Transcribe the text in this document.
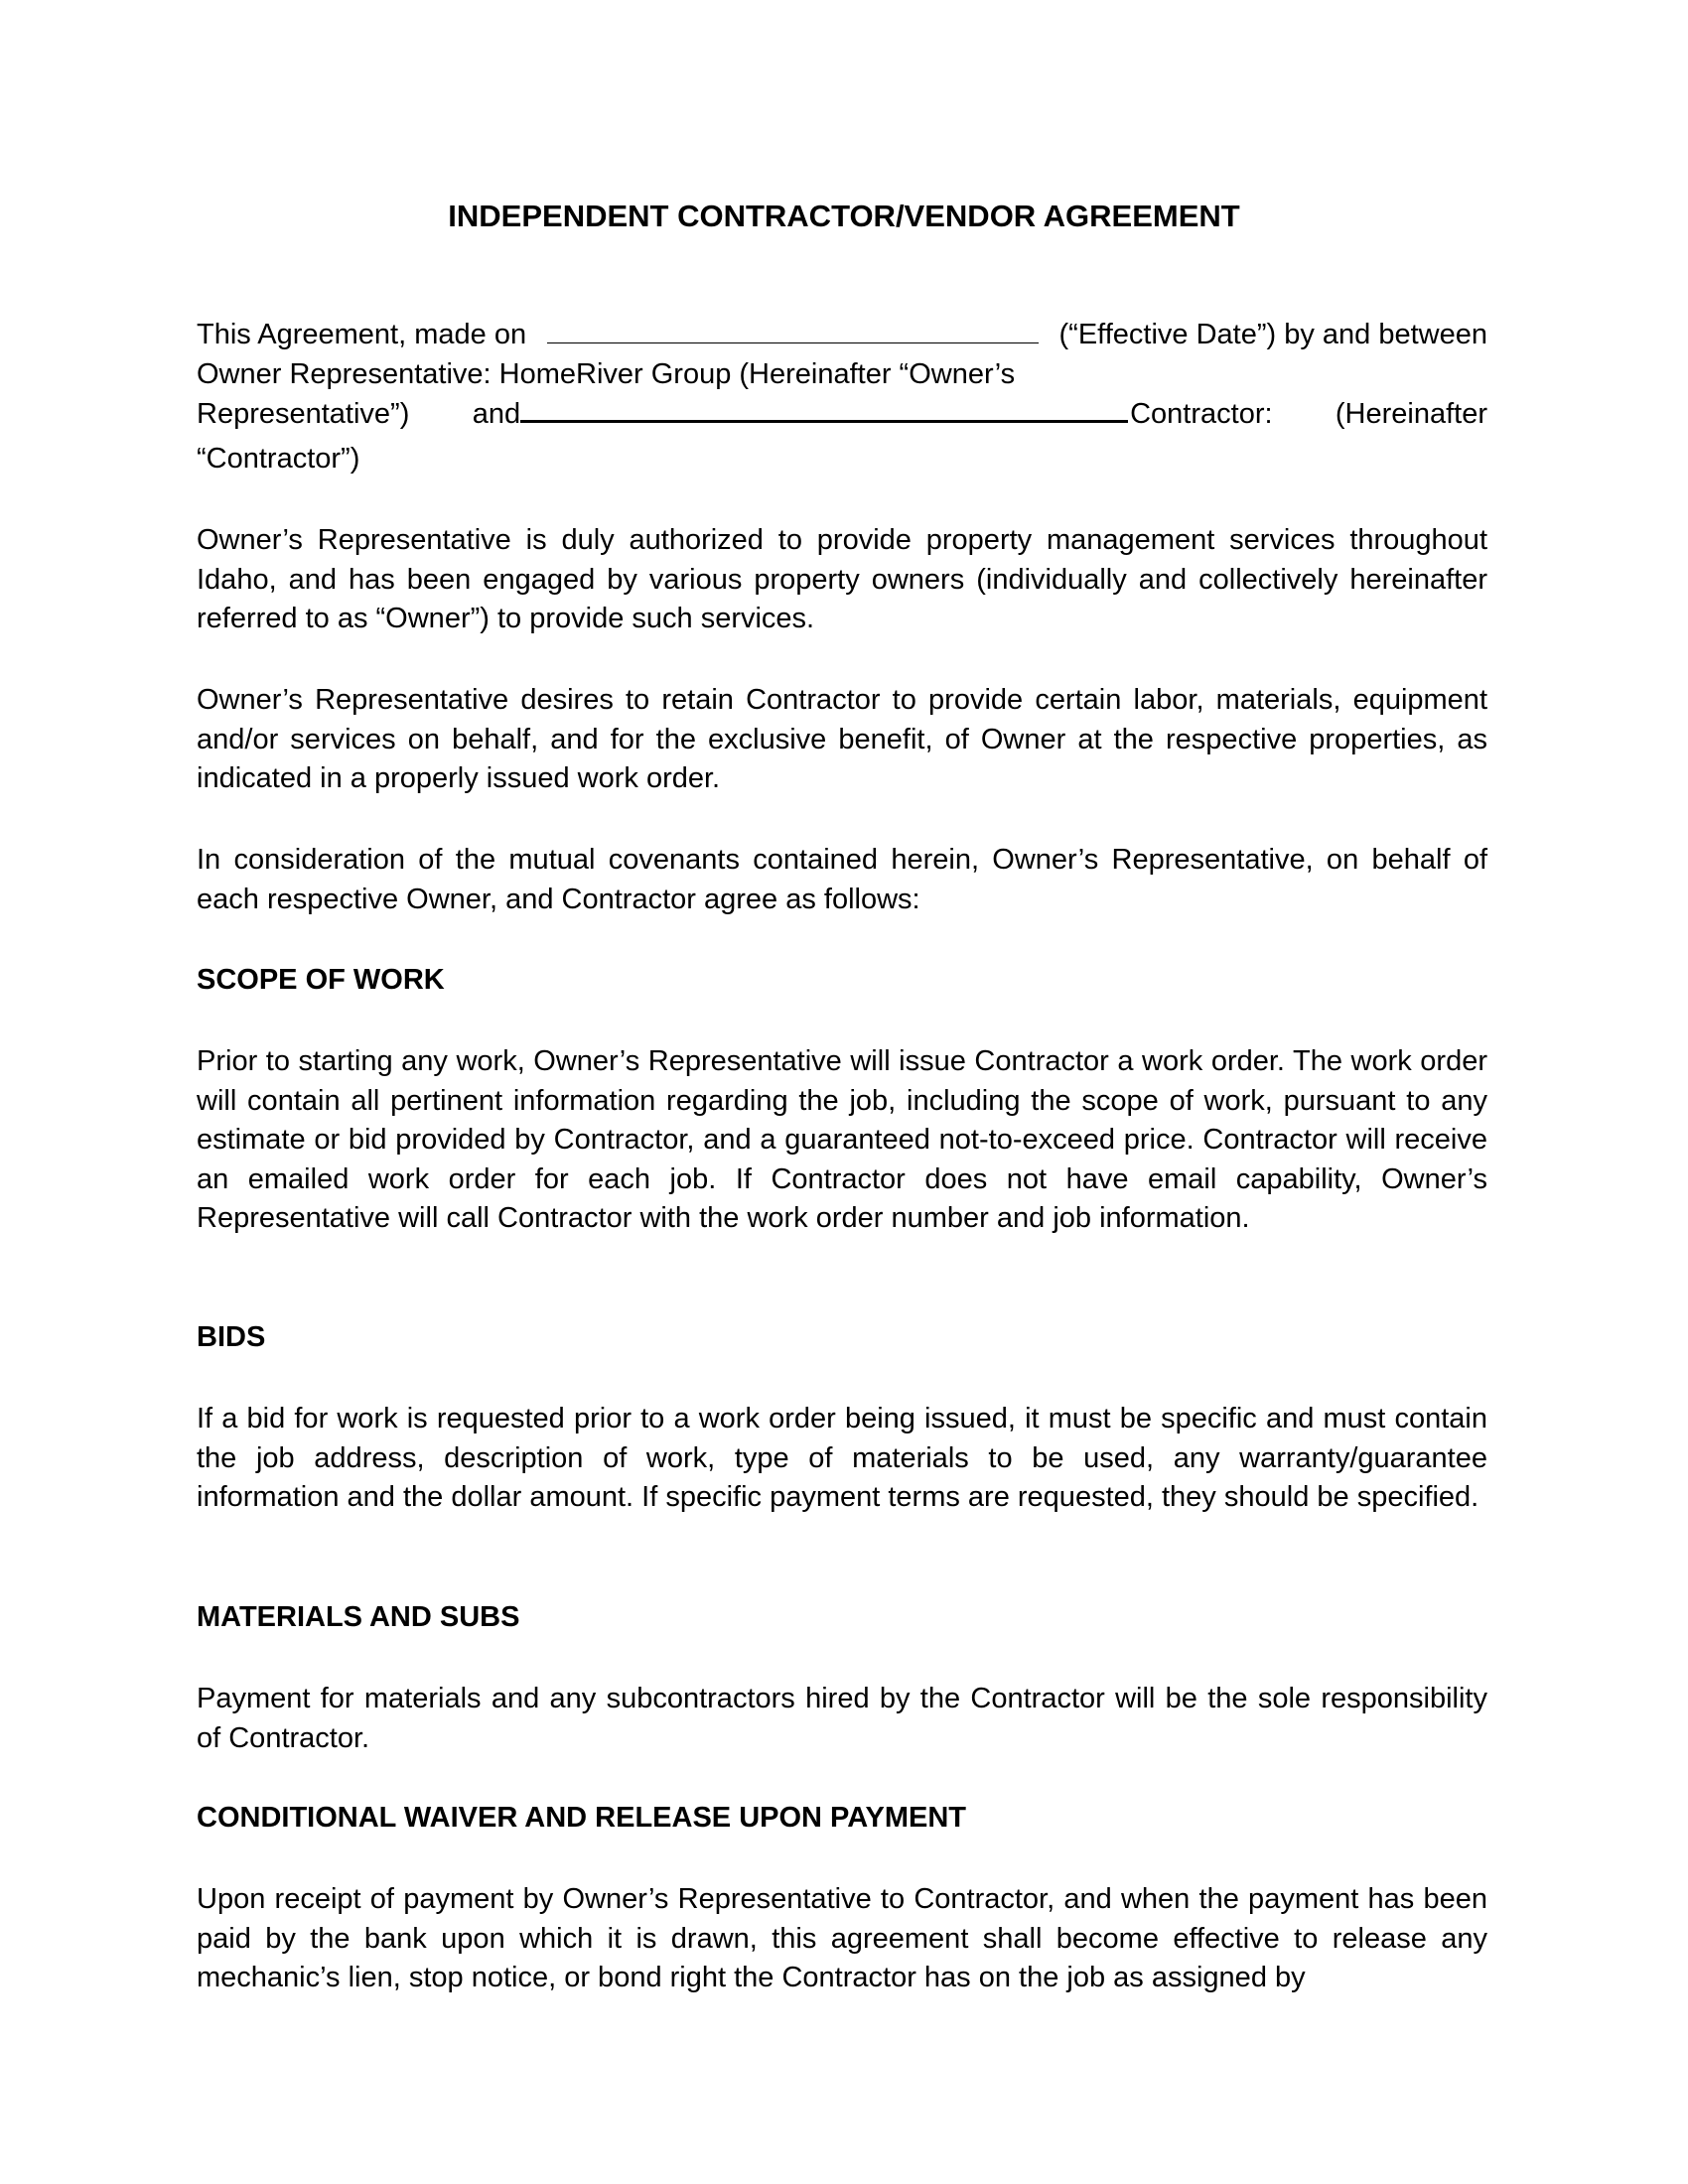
INDEPENDENT CONTRACTOR/VENDOR AGREEMENT
This Agreement, made on	(“Effective Date”) by and between
Owner Representative: HomeRiver Group (Hereinafter “Owner’s
Representative”) and	Contractor: (Hereinafter
“Contractor”)

Owner’s Representative is duly authorized to provide property management services throughout Idaho, and has been engaged by various property owners (individually and collectively hereinafter referred to as “Owner”) to provide such services.

Owner’s Representative desires to retain Contractor to provide certain labor, materials, equipment and/or services on behalf, and for the exclusive benefit, of Owner at the respective properties, as indicated in a properly issued work order.

In consideration of the mutual covenants contained herein, Owner’s Representative, on behalf of each respective Owner, and Contractor agree as follows:

SCOPE OF WORK

Prior to starting any work, Owner’s Representative will issue Contractor a work order. The work order will contain all pertinent information regarding the job, including the scope of work, pursuant to any estimate or bid provided by Contractor, and a guaranteed not-to-exceed price. Contractor will receive an emailed work order for each job. If Contractor does not have email capability, Owner’s Representative will call Contractor with the work order number and job information.

BIDS

If a bid for work is requested prior to a work order being issued, it must be specific and must contain the job address, description of work, type of materials to be used, any warranty/guarantee information and the dollar amount. If specific payment terms are requested, they should be specified.

MATERIALS AND SUBS

Payment for materials and any subcontractors hired by the Contractor will be the sole responsibility of Contractor.

CONDITIONAL WAIVER AND RELEASE UPON PAYMENT

Upon receipt of payment by Owner’s Representative to Contractor, and when the payment has been paid by the bank upon which it is drawn, this agreement shall become effective to release any mechanic’s lien, stop notice, or bond right the Contractor has on the job as assigned by
